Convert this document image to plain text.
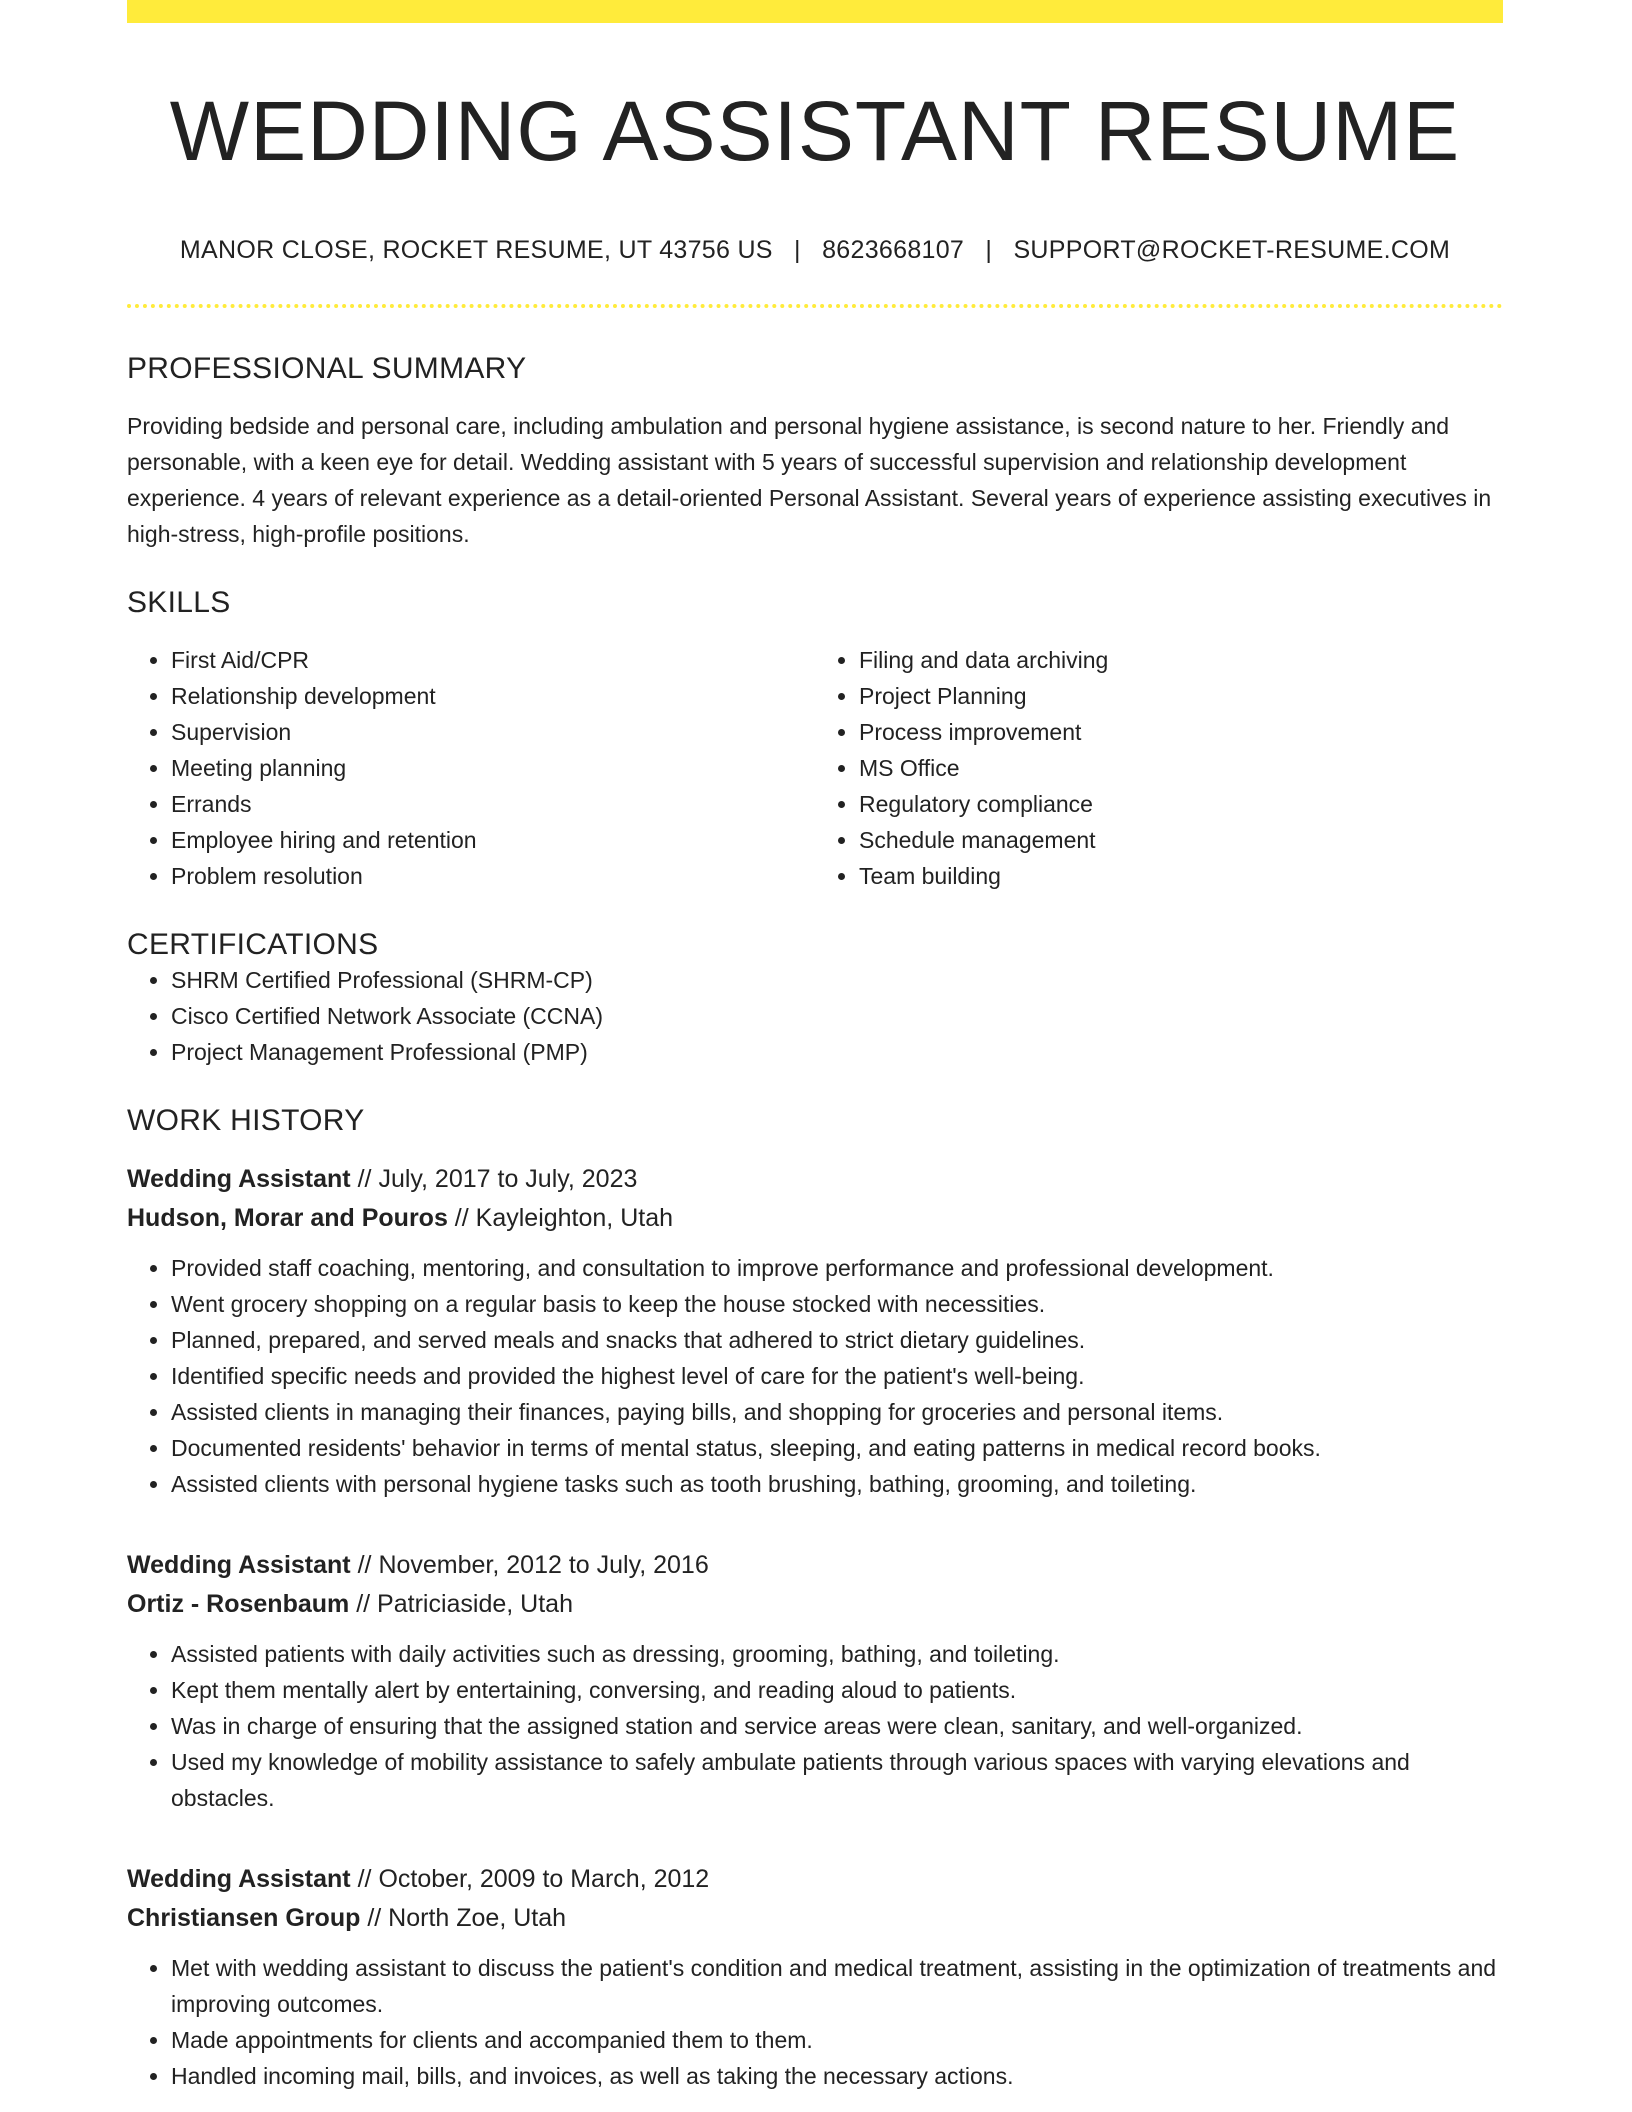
WEDDING ASSISTANT RESUME
MANOR CLOSE, ROCKET RESUME, UT 43756 US | 8623668107 | SUPPORT@ROCKET-RESUME.COM
PROFESSIONAL SUMMARY

Providing bedside and personal care, including ambulation and personal hygiene assistance, is second nature to her. Friendly and personable, with a keen eye for detail. Wedding assistant with 5 years of successful supervision and relationship development experience. 4 years of relevant experience as a detail-oriented Personal Assistant. Several years of experience assisting executives in high-stress, high-profile positions.

SKILLS
• First Aid/CPR
• Relationship development
• Supervision
• Meeting planning
• Errands
• Employee hiring and retention
• Problem resolution
• Filing and data archiving
• Project Planning
• Process improvement
• MS Office
• Regulatory compliance
• Schedule management
• Team building
CERTIFICATIONS
• SHRM Certified Professional (SHRM-CP)
• Cisco Certified Network Associate (CCNA)
• Project Management Professional (PMP)
WORK HISTORY
Wedding Assistant // July, 2017 to July, 2023
Hudson, Morar and Pouros // Kayleighton, Utah
• Provided staff coaching, mentoring, and consultation to improve performance and professional development.
• Went grocery shopping on a regular basis to keep the house stocked with necessities.
• Planned, prepared, and served meals and snacks that adhered to strict dietary guidelines.
• Identified specific needs and provided the highest level of care for the patient's well-being.
• Assisted clients in managing their finances, paying bills, and shopping for groceries and personal items.
• Documented residents' behavior in terms of mental status, sleeping, and eating patterns in medical record books.
• Assisted clients with personal hygiene tasks such as tooth brushing, bathing, grooming, and toileting.
Wedding Assistant // November, 2012 to July, 2016
Ortiz - Rosenbaum // Patriciaside, Utah
• Assisted patients with daily activities such as dressing, grooming, bathing, and toileting.
• Kept them mentally alert by entertaining, conversing, and reading aloud to patients.
• Was in charge of ensuring that the assigned station and service areas were clean, sanitary, and well-organized.
• Used my knowledge of mobility assistance to safely ambulate patients through various spaces with varying elevations and obstacles.
Wedding Assistant // October, 2009 to March, 2012
Christiansen Group // North Zoe, Utah
• Met with wedding assistant to discuss the patient's condition and medical treatment, assisting in the optimization of treatments and improving outcomes.
• Made appointments for clients and accompanied them to them.
• Handled incoming mail, bills, and invoices, as well as taking the necessary actions.
